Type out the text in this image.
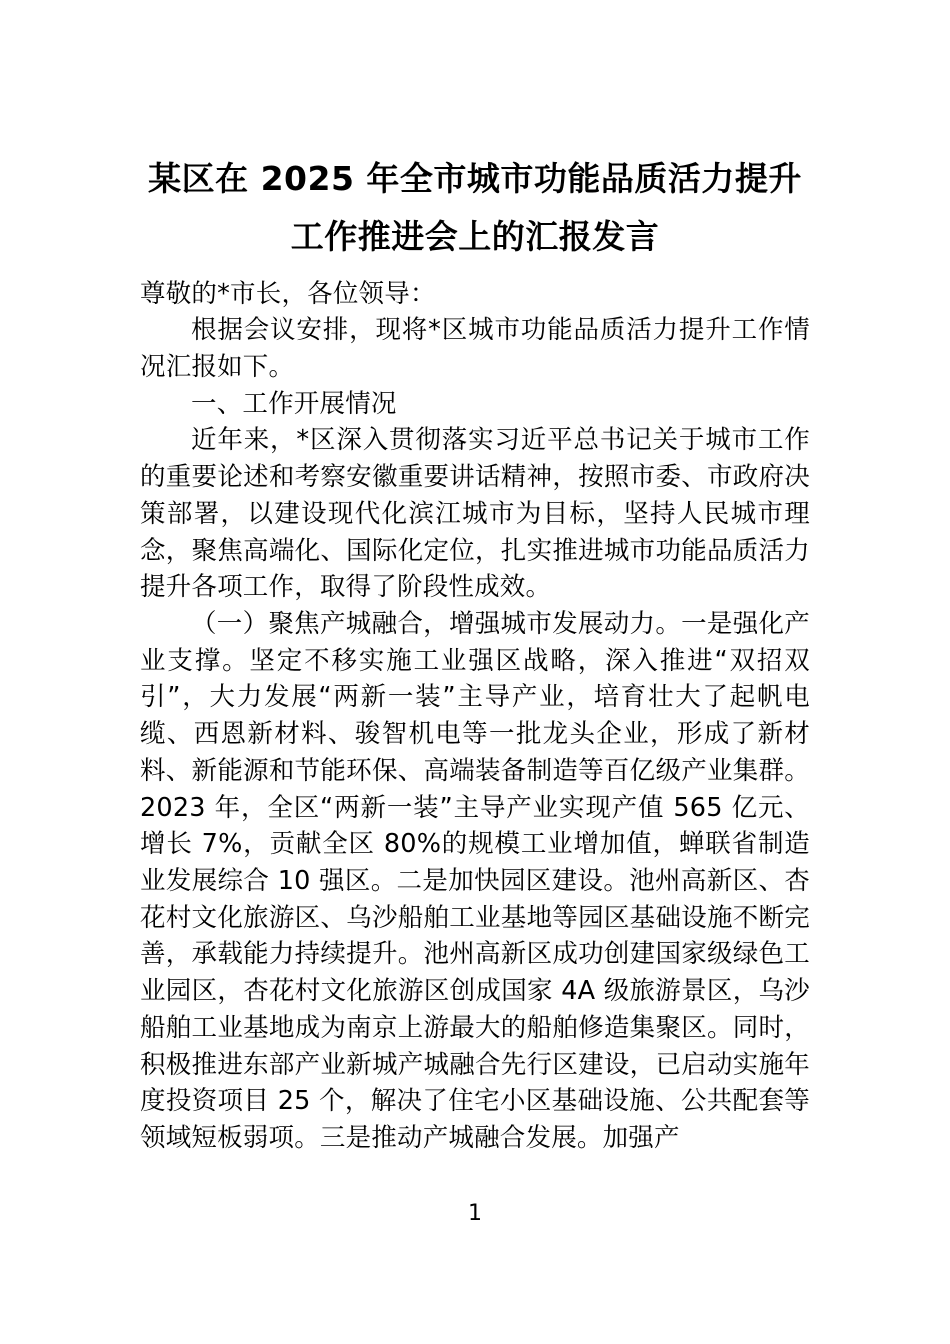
某区在 2025 年全市城市功能品质活力提升
工作推进会上的汇报发言

尊敬的*市长，各位领导：

根据会议安排，现将*区城市功能品质活力提升工作情况汇报如下。

一、工作开展情况

近年来，*区深入贯彻落实习近平总书记关于城市工作的重要论述和考察安徽重要讲话精神，按照市委、市政府决策部署，以建设现代化滨江城市为目标，坚持人民城市理念，聚焦高端化、国际化定位，扎实推进城市功能品质活力提升各项工作，取得了阶段性成效。

（一）聚焦产城融合，增强城市发展动力。一是强化产业支撑。坚定不移实施工业强区战略，深入推进“双招双引”，大力发展“两新一装”主导产业，培育壮大了起帆电缆、西恩新材料、骏智机电等一批龙头企业，形成了新材料、新能源和节能环保、高端装备制造等百亿级产业集群。2023 年，全区“两新一装”主导产业实现产值 565 亿元、增长 7%，贡献全区 80%的规模工业增加值，蝉联省制造业发展综合 10 强区。二是加快园区建设。池州高新区、杏花村文化旅游区、乌沙船舶工业基地等园区基础设施不断完善，承载能力持续提升。池州高新区成功创建国家级绿色工业园区，杏花村文化旅游区创成国家 4A 级旅游景区，乌沙船舶工业基地成为南京上游最大的船舶修造集聚区。同时，积极推进东部产业新城产城融合先行区建设，已启动实施年度投资项目 25 个，解决了住宅小区基础设施、公共配套等领域短板弱项。三是推动产城融合发展。加强产

1
